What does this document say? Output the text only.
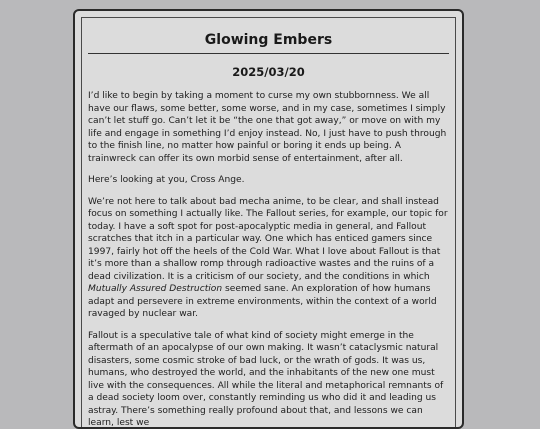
Glowing Embers
2025/03/20

I’d like to begin by taking a moment to curse my own stubbornness. We all have our flaws, some better, some worse, and in my case, sometimes I simply can’t let stuff go. Can’t let it be “the one that got away,” or move on with my life and engage in something I’d enjoy instead. No, I just have to push through to the finish line, no matter how painful or boring it ends up being. A trainwreck can offer its own morbid sense of entertainment, after all.

Here’s looking at you, Cross Ange.

We’re not here to talk about bad mecha anime, to be clear, and shall instead focus on something I actually like. The Fallout series, for example, our topic for today. I have a soft spot for post-apocalyptic media in general, and Fallout scratches that itch in a particular way. One which has enticed gamers since 1997, fairly hot off the heels of the Cold War. What I love about Fallout is that it’s more than a shallow romp through radioactive wastes and the ruins of a dead civilization. It is a criticism of our society, and the conditions in which Mutually Assured Destruction seemed sane. An exploration of how humans adapt and persevere in extreme environments, within the context of a world ravaged by nuclear war.

Fallout is a speculative tale of what kind of society might emerge in the aftermath of an apocalypse of our own making. It wasn’t cataclysmic natural disasters, some cosmic stroke of bad luck, or the wrath of gods. It was us, humans, who destroyed the world, and the inhabitants of the new one must live with the consequences. All while the literal and metaphorical remnants of a dead society loom over, constantly reminding us who did it and leading us astray. There’s something really profound about that, and lessons we can learn, lest we
